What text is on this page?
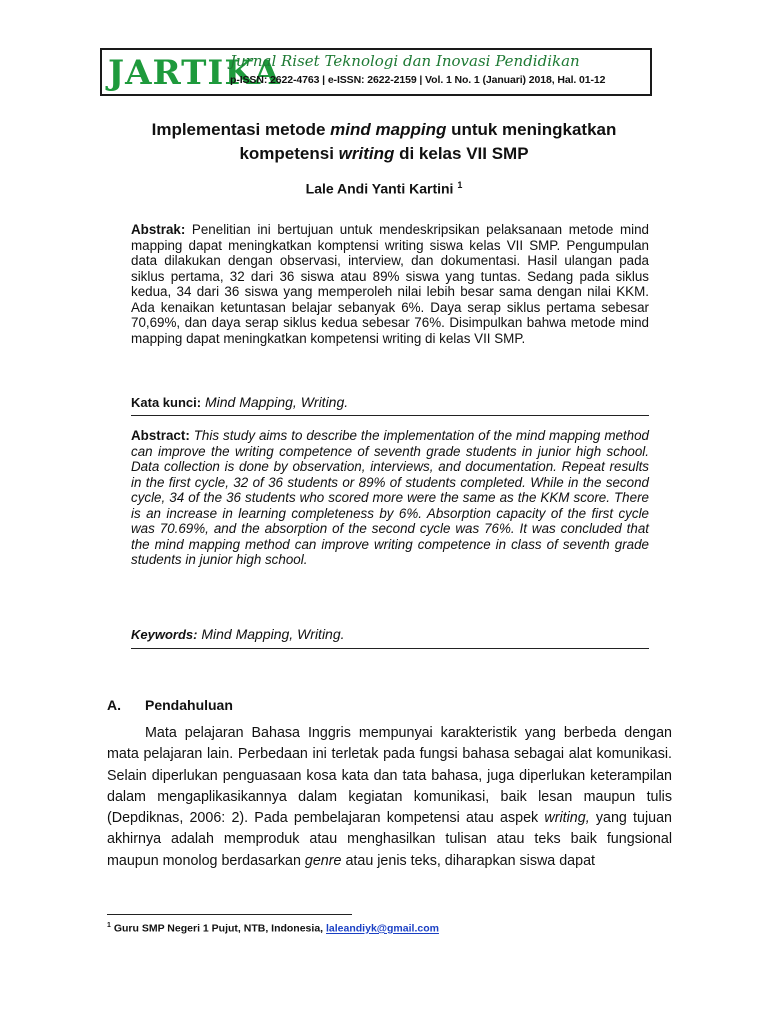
JARTIKA
Jurnal Riset Teknologi dan Inovasi Pendidikan
p-ISSN: 2622-4763 | e-ISSN: 2622-2159 | Vol. 1 No. 1 (Januari) 2018, Hal. 01-12
Implementasi metode mind mapping untuk meningkatkan
kompetensi writing di kelas VII SMP
Lale Andi Yanti Kartini $^1$
Abstrak: Penelitian ini bertujuan untuk mendeskripsikan pelaksanaan metode mind mapping dapat meningkatkan komptensi writing siswa kelas VII SMP. Pengumpulan data dilakukan dengan observasi, interview, dan dokumentasi. Hasil ulangan pada siklus pertama, 32 dari 36 siswa atau 89% siswa yang tuntas. Sedang pada siklus kedua, 34 dari 36 siswa yang memperoleh nilai lebih besar sama dengan nilai KKM. Ada kenaikan ketuntasan belajar sebanyak 6%. Daya serap siklus pertama sebesar 70,69%, dan daya serap siklus kedua sebesar 76%. Disimpulkan bahwa metode mind mapping dapat meningkatkan kompetensi writing di kelas VII SMP.
Kata kunci: Mind Mapping, Writing.
Abstract: This study aims to describe the implementation of the mind mapping method can improve the writing competence of seventh grade students in junior high school. Data collection is done by observation, interviews, and documentation. Repeat results in the first cycle, 32 of 36 students or 89% of students completed. While in the second cycle, 34 of the 36 students who scored more were the same as the KKM score. There is an increase in learning completeness by 6%. Absorption capacity of the first cycle was 70.69%, and the absorption of the second cycle was 76%. It was concluded that the mind mapping method can improve writing competence in class of seventh grade students in junior high school.
Keywords: Mind Mapping, Writing.
A. Pendahuluan

Mata pelajaran Bahasa Inggris mempunyai karakteristik yang berbeda dengan mata pelajaran lain. Perbedaan ini terletak pada fungsi bahasa sebagai alat komunikasi. Selain diperlukan penguasaan kosa kata dan tata bahasa, juga diperlukan keterampilan dalam mengaplikasikannya dalam kegiatan komunikasi, baik lesan maupun tulis (Depdiknas, 2006: 2). Pada pembelajaran kompetensi atau aspek writing, yang tujuan akhirnya adalah memproduk atau menghasilkan tulisan atau teks baik fungsional maupun monolog berdasarkan genre atau jenis teks, diharapkan siswa dapat

$^1$ Guru SMP Negeri 1 Pujut, NTB, Indonesia, laleandiyk@gmail.com
